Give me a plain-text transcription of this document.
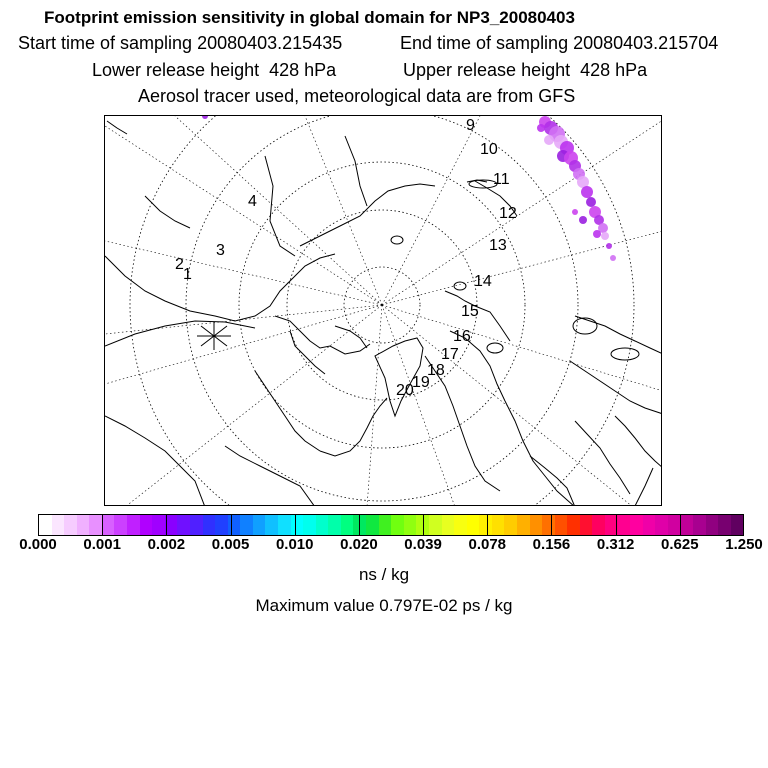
Footprint emission sensitivity in global domain for NP3_20080403
Start time of sampling 20080403.215435	End time of sampling 20080403.215704
Lower release height  428 hPa	Upper release height  428 hPa
Aerosol tracer used, meteorological data are from GFS
1
2
3
4
9
10
11
12
13
14
15
16
17
18
19
20
0.000 0.001 0.002 0.005 0.010 0.020 0.039 0.078 0.156 0.312 0.625 1.250
ns / kg
Maximum value 0.797E-02 ps / kg
